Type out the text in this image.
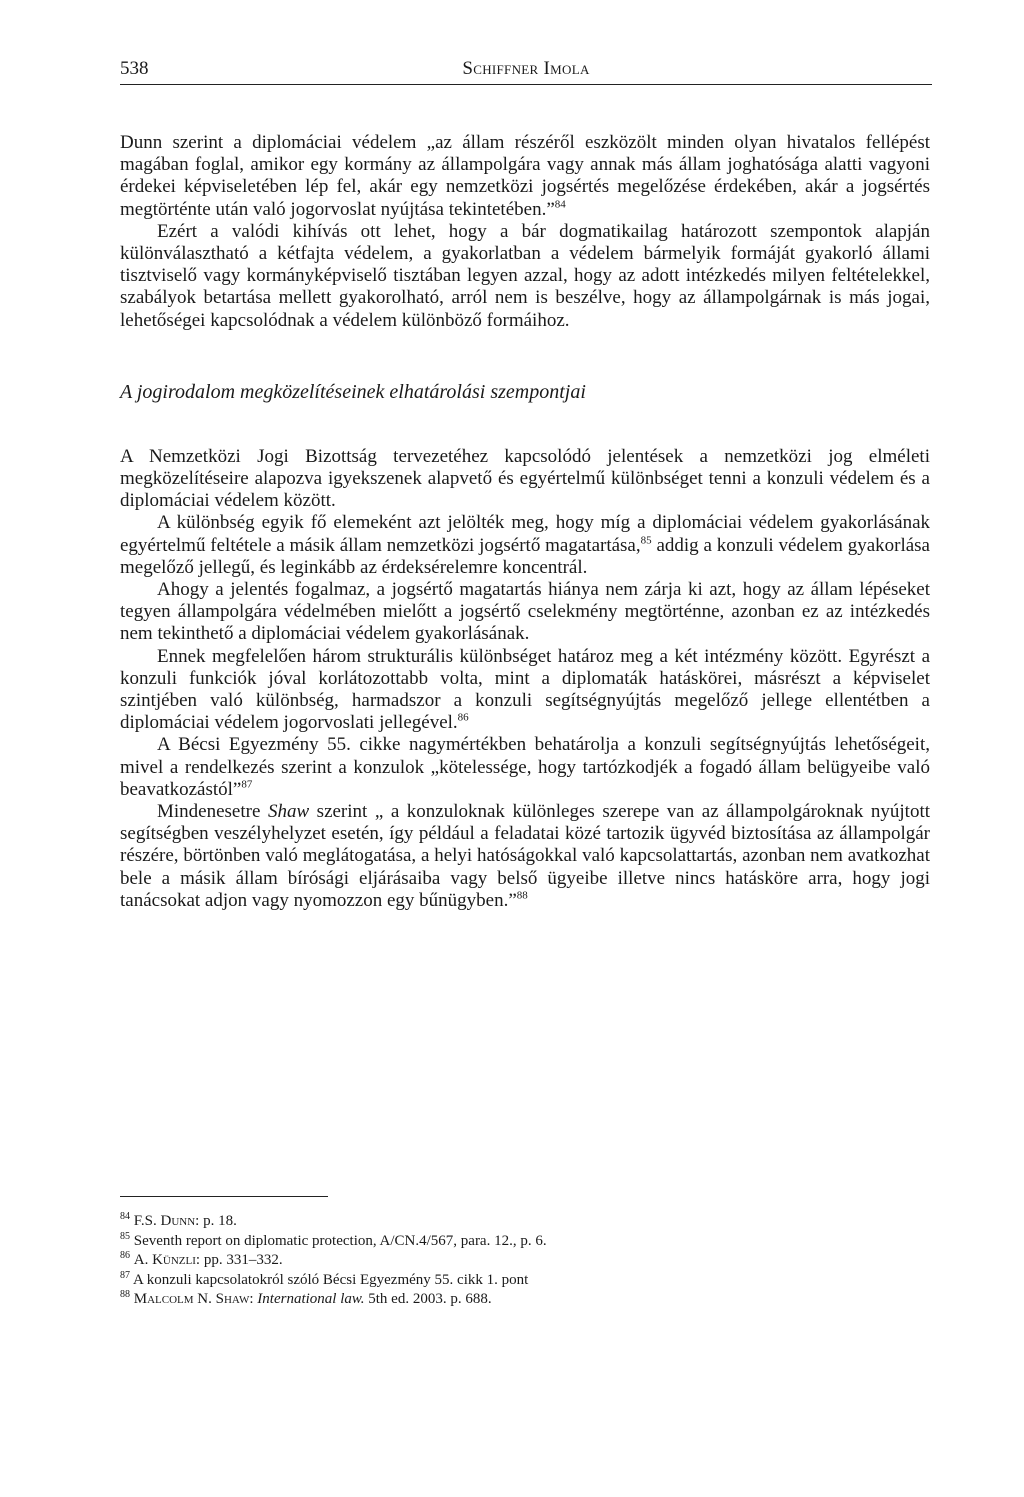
538	Schiffner Imola

Dunn szerint a diplomáciai védelem „az állam részéről eszközölt minden olyan hivatalos fellépést magában foglal, amikor egy kormány az állampolgára vagy annak más állam joghatósága alatti vagyoni érdekei képviseletében lép fel, akár egy nemzetközi jogsértés megelőzése érdekében, akár a jogsértés megtörténte után való jogorvoslat nyújtása tekintetében.”$^{84}$

Ezért a valódi kihívás ott lehet, hogy a bár dogmatikailag határozott szempontok alapján különválasztható a kétfajta védelem, a gyakorlatban a védelem bármelyik formáját gyakorló állami tisztviselő vagy kormányképviselő tisztában legyen azzal, hogy az adott intézkedés milyen feltételekkel, szabályok betartása mellett gyakorolható, arról nem is beszélve, hogy az állampolgárnak is más jogai, lehetőségei kapcsolódnak a védelem különböző formáihoz.

A jogirodalom megközelítéseinek elhatárolási szempontjai

A Nemzetközi Jogi Bizottság tervezetéhez kapcsolódó jelentések a nemzetközi jog elméleti megközelítéseire alapozva igyekszenek alapvető és egyértelmű különbséget tenni a konzuli védelem és a diplomáciai védelem között.

A különbség egyik fő elemeként azt jelölték meg, hogy míg a diplomáciai védelem gyakorlásának egyértelmű feltétele a másik állam nemzetközi jogsértő magatartása,$^{85}$ addig a konzuli védelem gyakorlása megelőző jellegű, és leginkább az érdeksérelemre koncentrál.

Ahogy a jelentés fogalmaz, a jogsértő magatartás hiánya nem zárja ki azt, hogy az állam lépéseket tegyen állampolgára védelmében mielőtt a jogsértő cselekmény megtörténne, azonban ez az intézkedés nem tekinthető a diplomáciai védelem gyakorlásának.

Ennek megfelelően három strukturális különbséget határoz meg a két intézmény között. Egyrészt a konzuli funkciók jóval korlátozottabb volta, mint a diplomaták hatáskörei, másrészt a képviselet szintjében való különbség, harmadszor a konzuli segítségnyújtás megelőző jellege ellentétben a diplomáciai védelem jogorvoslati jellegével.$^{86}$

A Bécsi Egyezmény 55. cikke nagymértékben behatárolja a konzuli segítségnyújtás lehetőségeit, mivel a rendelkezés szerint a konzulok „kötelessége, hogy tartózkodjék a fogadó állam belügyeibe való beavatkozástól”$^{87}$

Mindenesetre Shaw szerint „ a konzuloknak különleges szerepe van az állampolgároknak nyújtott segítségben veszélyhelyzet esetén, így például a feladatai közé tartozik ügyvéd biztosítása az állampolgár részére, börtönben való meglátogatása, a helyi hatóságokkal való kapcsolattartás, azonban nem avatkozhat bele a másik állam bírósági eljárásaiba vagy belső ügyeibe illetve nincs hatásköre arra, hogy jogi tanácsokat adjon vagy nyomozzon egy bűnügyben.”$^{88}$

$^{84}$ F.S. Dunn: p. 18.

$^{85}$ Seventh report on diplomatic protection, A/CN.4/567, para. 12., p. 6.

$^{86}$ A. Künzli: pp. 331–332.

$^{87}$ A konzuli kapcsolatokról szóló Bécsi Egyezmény 55. cikk 1. pont

$^{88}$ Malcolm N. Shaw: International law. 5th ed. 2003. p. 688.
